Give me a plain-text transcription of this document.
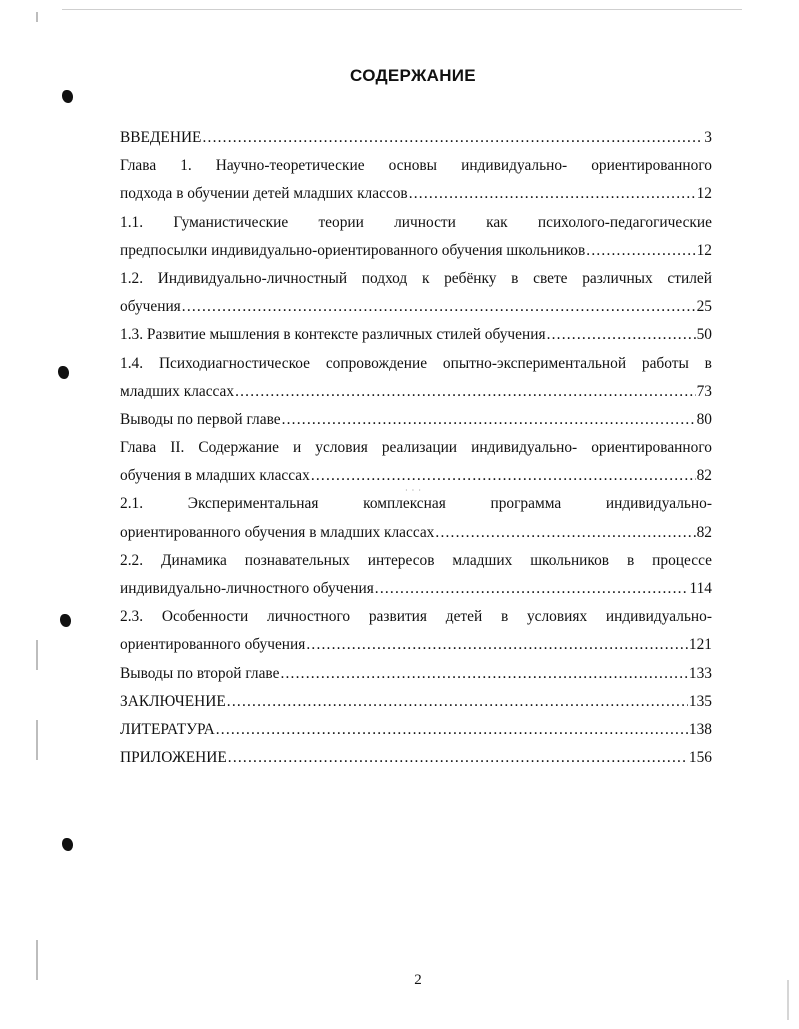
СОДЕРЖАНИЕ
ВВЕДЕНИЕ .....	3
Глава 1. Научно-теоретические основы индивидуально- ориентированного
подхода в обучении детей младших классов .....	12
1.1. Гуманистические теории личности как психолого-педагогические
предпосылки индивидуально-ориентированного обучения школьников .....	12
1.2. Индивидуально-личностный подход к ребёнку в свете различных стилей
обучения .....	25
1.3. Развитие мышления в контексте различных стилей обучения .....	50
1.4. Психодиагностическое сопровождение опытно-экспериментальной работы в
младших классах .....	73
Выводы по первой главе .....	80
Глава II. Содержание и условия реализации индивидуально- ориентированного
обучения в младших классах .....	82
2.1.	Экспериментальная	комплексная	программа	индивидуально-
ориентированного обучения в младших классах .....	82
2.2. Динамика познавательных интересов младших школьников в процессе
индивидуально-личностного обучения .....	114
2.3. Особенности личностного развития детей в условиях индивидуально-
ориентированного обучения .....	121
Выводы по второй главе .....	133
ЗАКЛЮЧЕНИЕ .....	135
ЛИТЕРАТУРА .....	138
ПРИЛОЖЕНИЕ .....	156
· · ·
2
